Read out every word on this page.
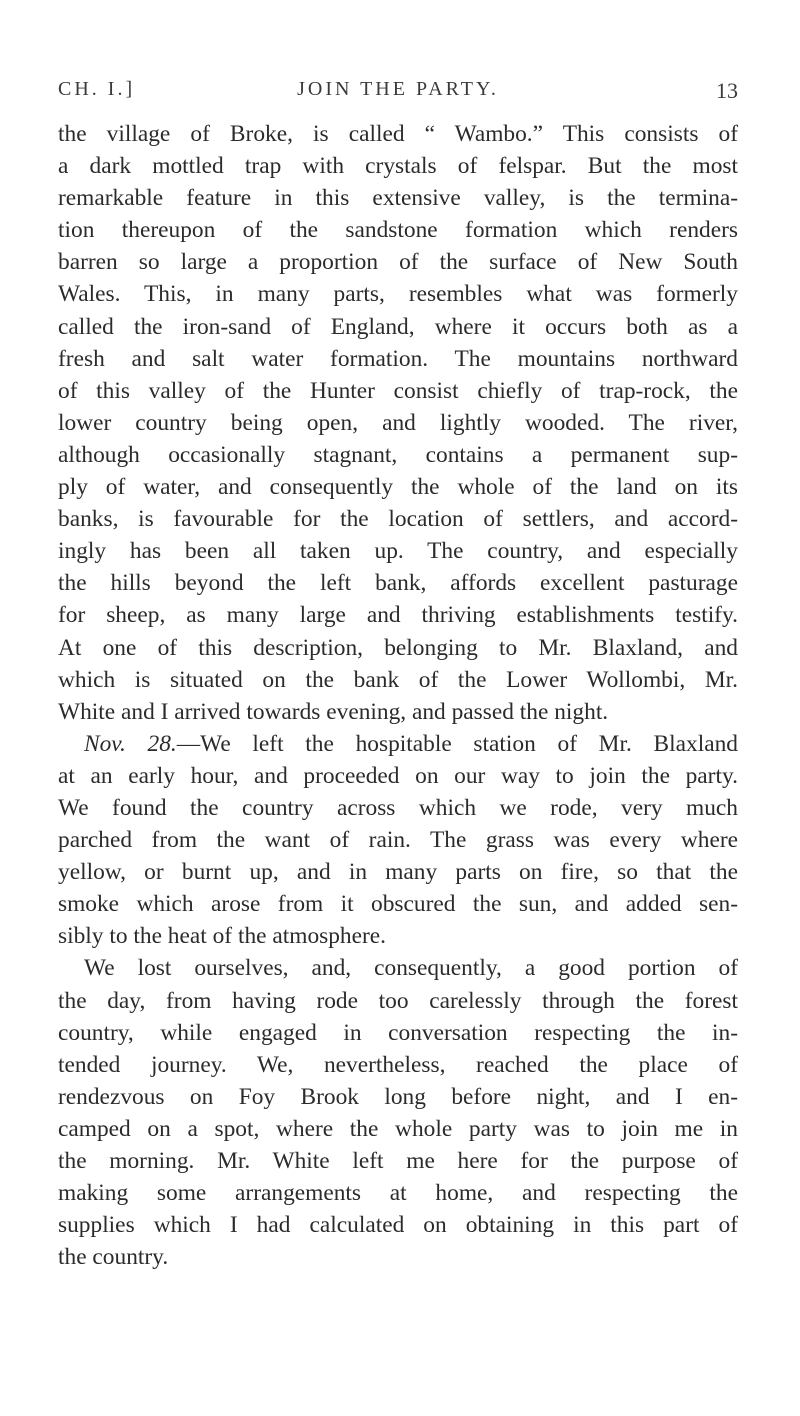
CH. I.]	JOIN THE PARTY.	13

the village of Broke, is called “ Wambo.” This consists of
a dark mottled trap with crystals of felspar. But the most
remarkable feature in this extensive valley, is the termina-
tion thereupon of the sandstone formation which renders
barren so large a proportion of the surface of New South
Wales. This, in many parts, resembles what was formerly
called the iron-sand of England, where it occurs both as a
fresh and salt water formation. The mountains northward
of this valley of the Hunter consist chiefly of trap-rock, the
lower country being open, and lightly wooded. The river,
although occasionally stagnant, contains a permanent sup-
ply of water, and consequently the whole of the land on its
banks, is favourable for the location of settlers, and accord-
ingly has been all taken up. The country, and especially
the hills beyond the left bank, affords excellent pasturage
for sheep, as many large and thriving establishments testify.
At one of this description, belonging to Mr. Blaxland, and
which is situated on the bank of the Lower Wollombi, Mr.
White and I arrived towards evening, and passed the night.

Nov. 28.—We left the hospitable station of Mr. Blaxland
at an early hour, and proceeded on our way to join the party.
We found the country across which we rode, very much
parched from the want of rain. The grass was every where
yellow, or burnt up, and in many parts on fire, so that the
smoke which arose from it obscured the sun, and added sen-
sibly to the heat of the atmosphere.

We lost ourselves, and, consequently, a good portion of
the day, from having rode too carelessly through the forest
country, while engaged in conversation respecting the in-
tended journey. We, nevertheless, reached the place of
rendezvous on Foy Brook long before night, and I en-
camped on a spot, where the whole party was to join me in
the morning. Mr. White left me here for the purpose of
making some arrangements at home, and respecting the
supplies which I had calculated on obtaining in this part of
the country.
